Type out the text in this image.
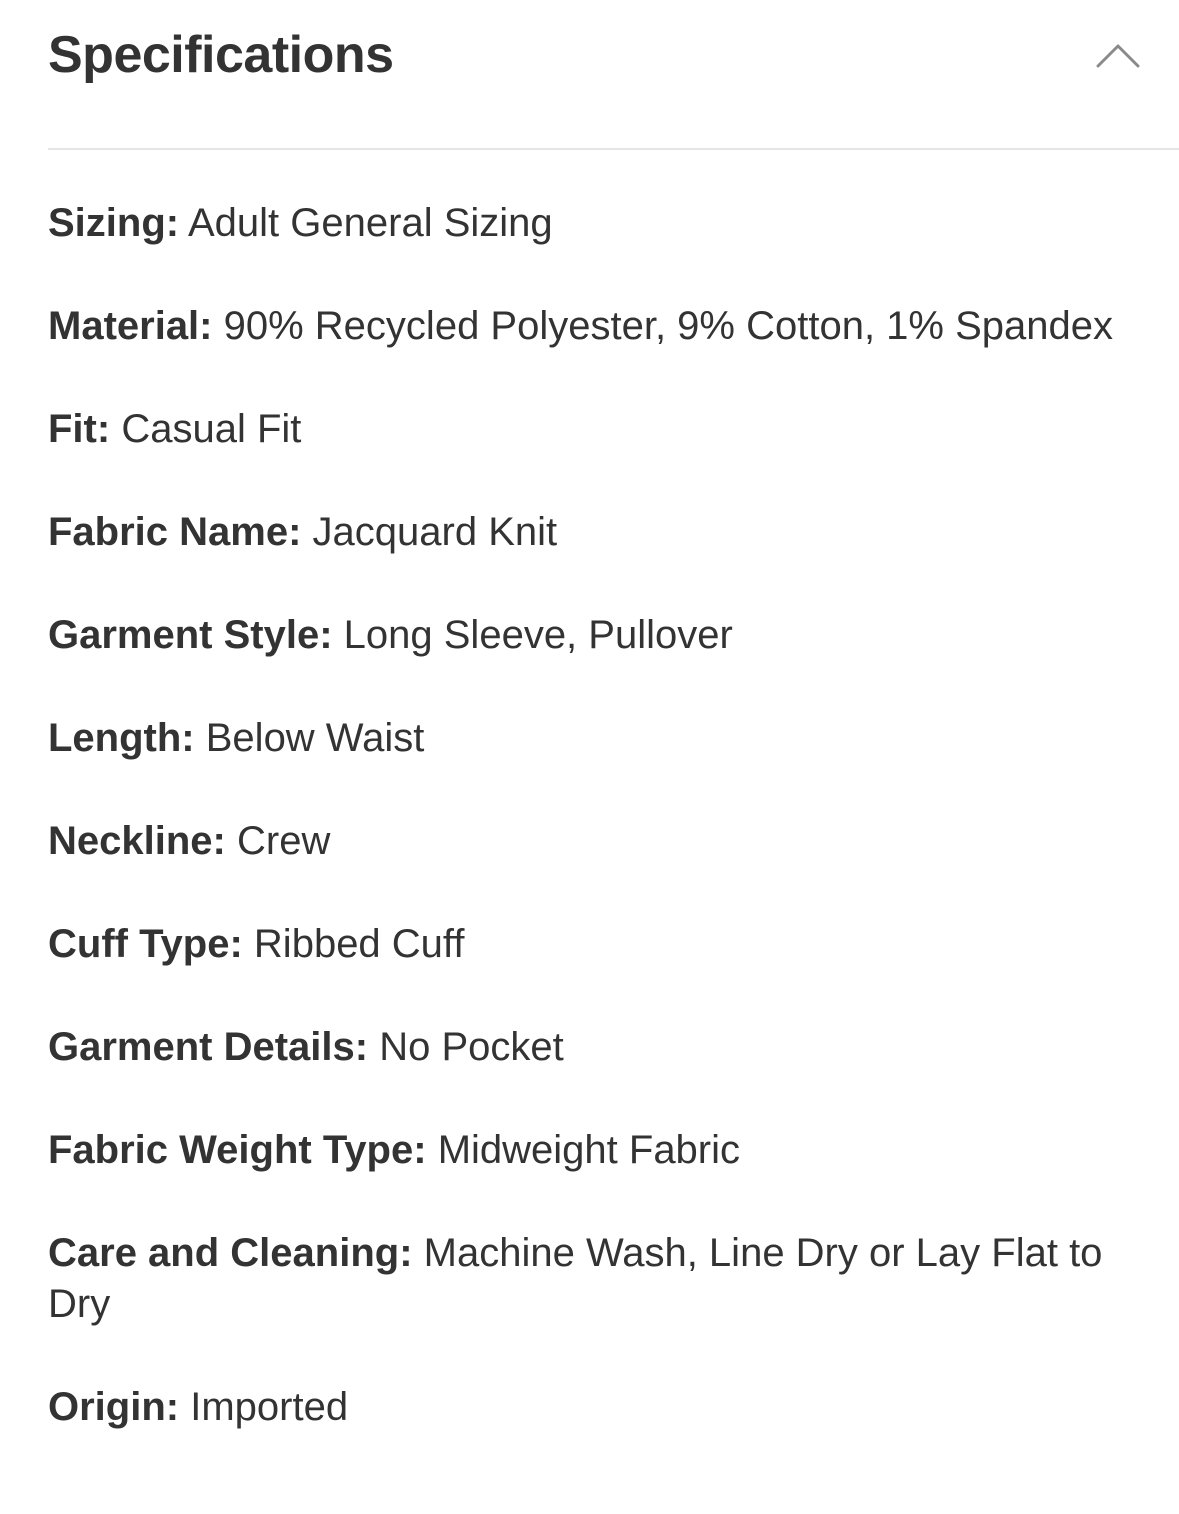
Specifications
Sizing: Adult General Sizing
Material: 90% Recycled Polyester, 9% Cotton, 1% Spandex
Fit: Casual Fit
Fabric Name: Jacquard Knit
Garment Style: Long Sleeve, Pullover
Length: Below Waist
Neckline: Crew
Cuff Type: Ribbed Cuff
Garment Details: No Pocket
Fabric Weight Type: Midweight Fabric
Care and Cleaning: Machine Wash, Line Dry or Lay Flat to Dry
Origin: Imported
